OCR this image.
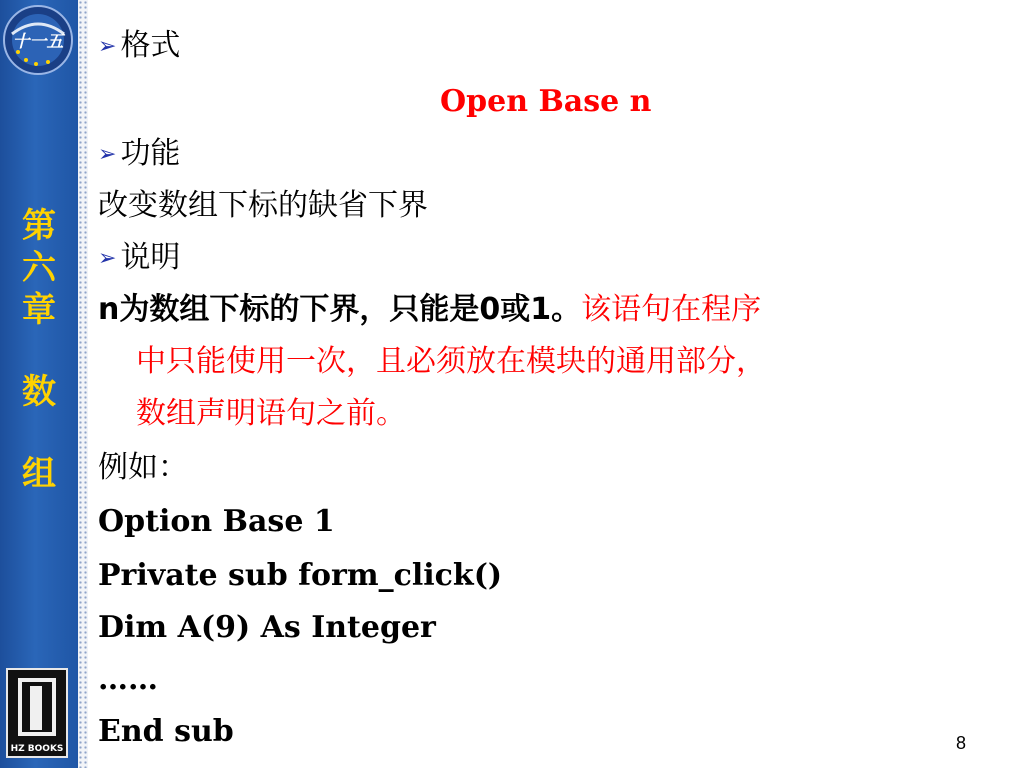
十一五
第
六
章
数
组
HZ BOOKS
➢ 格式
Open Base n
➢ 功能
改变数组下标的缺省下界
➢ 说明
n为数组下标的下界，只能是0或1。该语句在程序
中只能使用一次，且必须放在模块的通用部分，
数组声明语句之前。
例如：
Option Base 1
Private sub form_click()
Dim A(9) As Integer
……
End sub	8
